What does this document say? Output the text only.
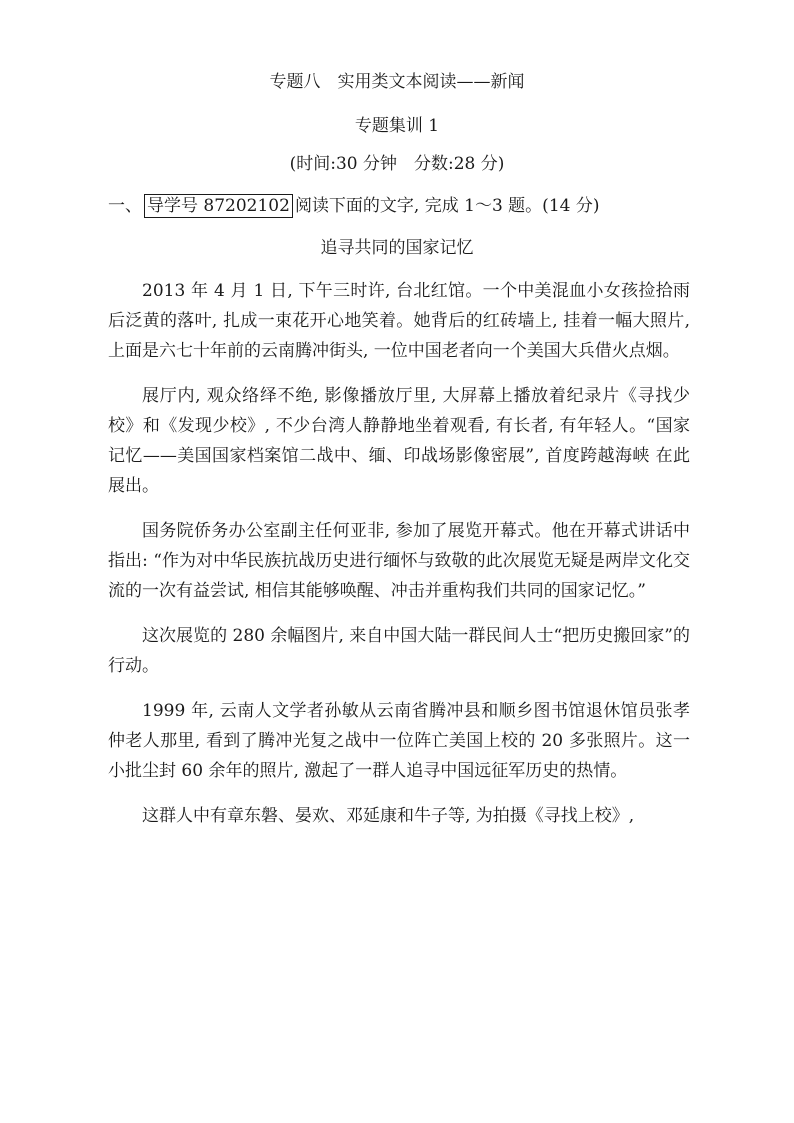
专题八　实用类文本阅读——新闻
专题集训 1
(时间:30 分钟　分数:28 分)
一、 导学号 87202102 阅读下面的文字, 完成 1～3 题。(14 分)
追寻共同的国家记忆

2013 年 4 月 1 日, 下午三时许, 台北红馆。一个中美混血小女孩捡拾雨后泛黄的落叶, 扎成一束花开心地笑着。她背后的红砖墙上, 挂着一幅大照片, 上面是六七十年前的云南腾冲街头, 一位中国老者向一个美国大兵借火点烟。

展厅内, 观众络绎不绝, 影像播放厅里, 大屏幕上播放着纪录片《寻找少校》和《发现少校》, 不少台湾人静静地坐着观看, 有长者, 有年轻人。“国家记忆——美国国家档案馆二战中、缅、印战场影像密展”, 首度跨越海峡 在此展出。

国务院侨务办公室副主任何亚非, 参加了展览开幕式。他在开幕式讲话中指出: “作为对中华民族抗战历史进行缅怀与致敬的此次展览无疑是两岸文化交流的一次有益尝试, 相信其能够唤醒、冲击并重构我们共同的国家记忆。”

这次展览的 280 余幅图片, 来自中国大陆一群民间人士“把历史搬回家”的行动。

1999 年, 云南人文学者孙敏从云南省腾冲县和顺乡图书馆退休馆员张孝仲老人那里, 看到了腾冲光复之战中一位阵亡美国上校的 20 多张照片。这一小批尘封 60 余年的照片, 激起了一群人追寻中国远征军历史的热情。

这群人中有章东磐、晏欢、邓延康和牛子等, 为拍摄《寻找上校》,
